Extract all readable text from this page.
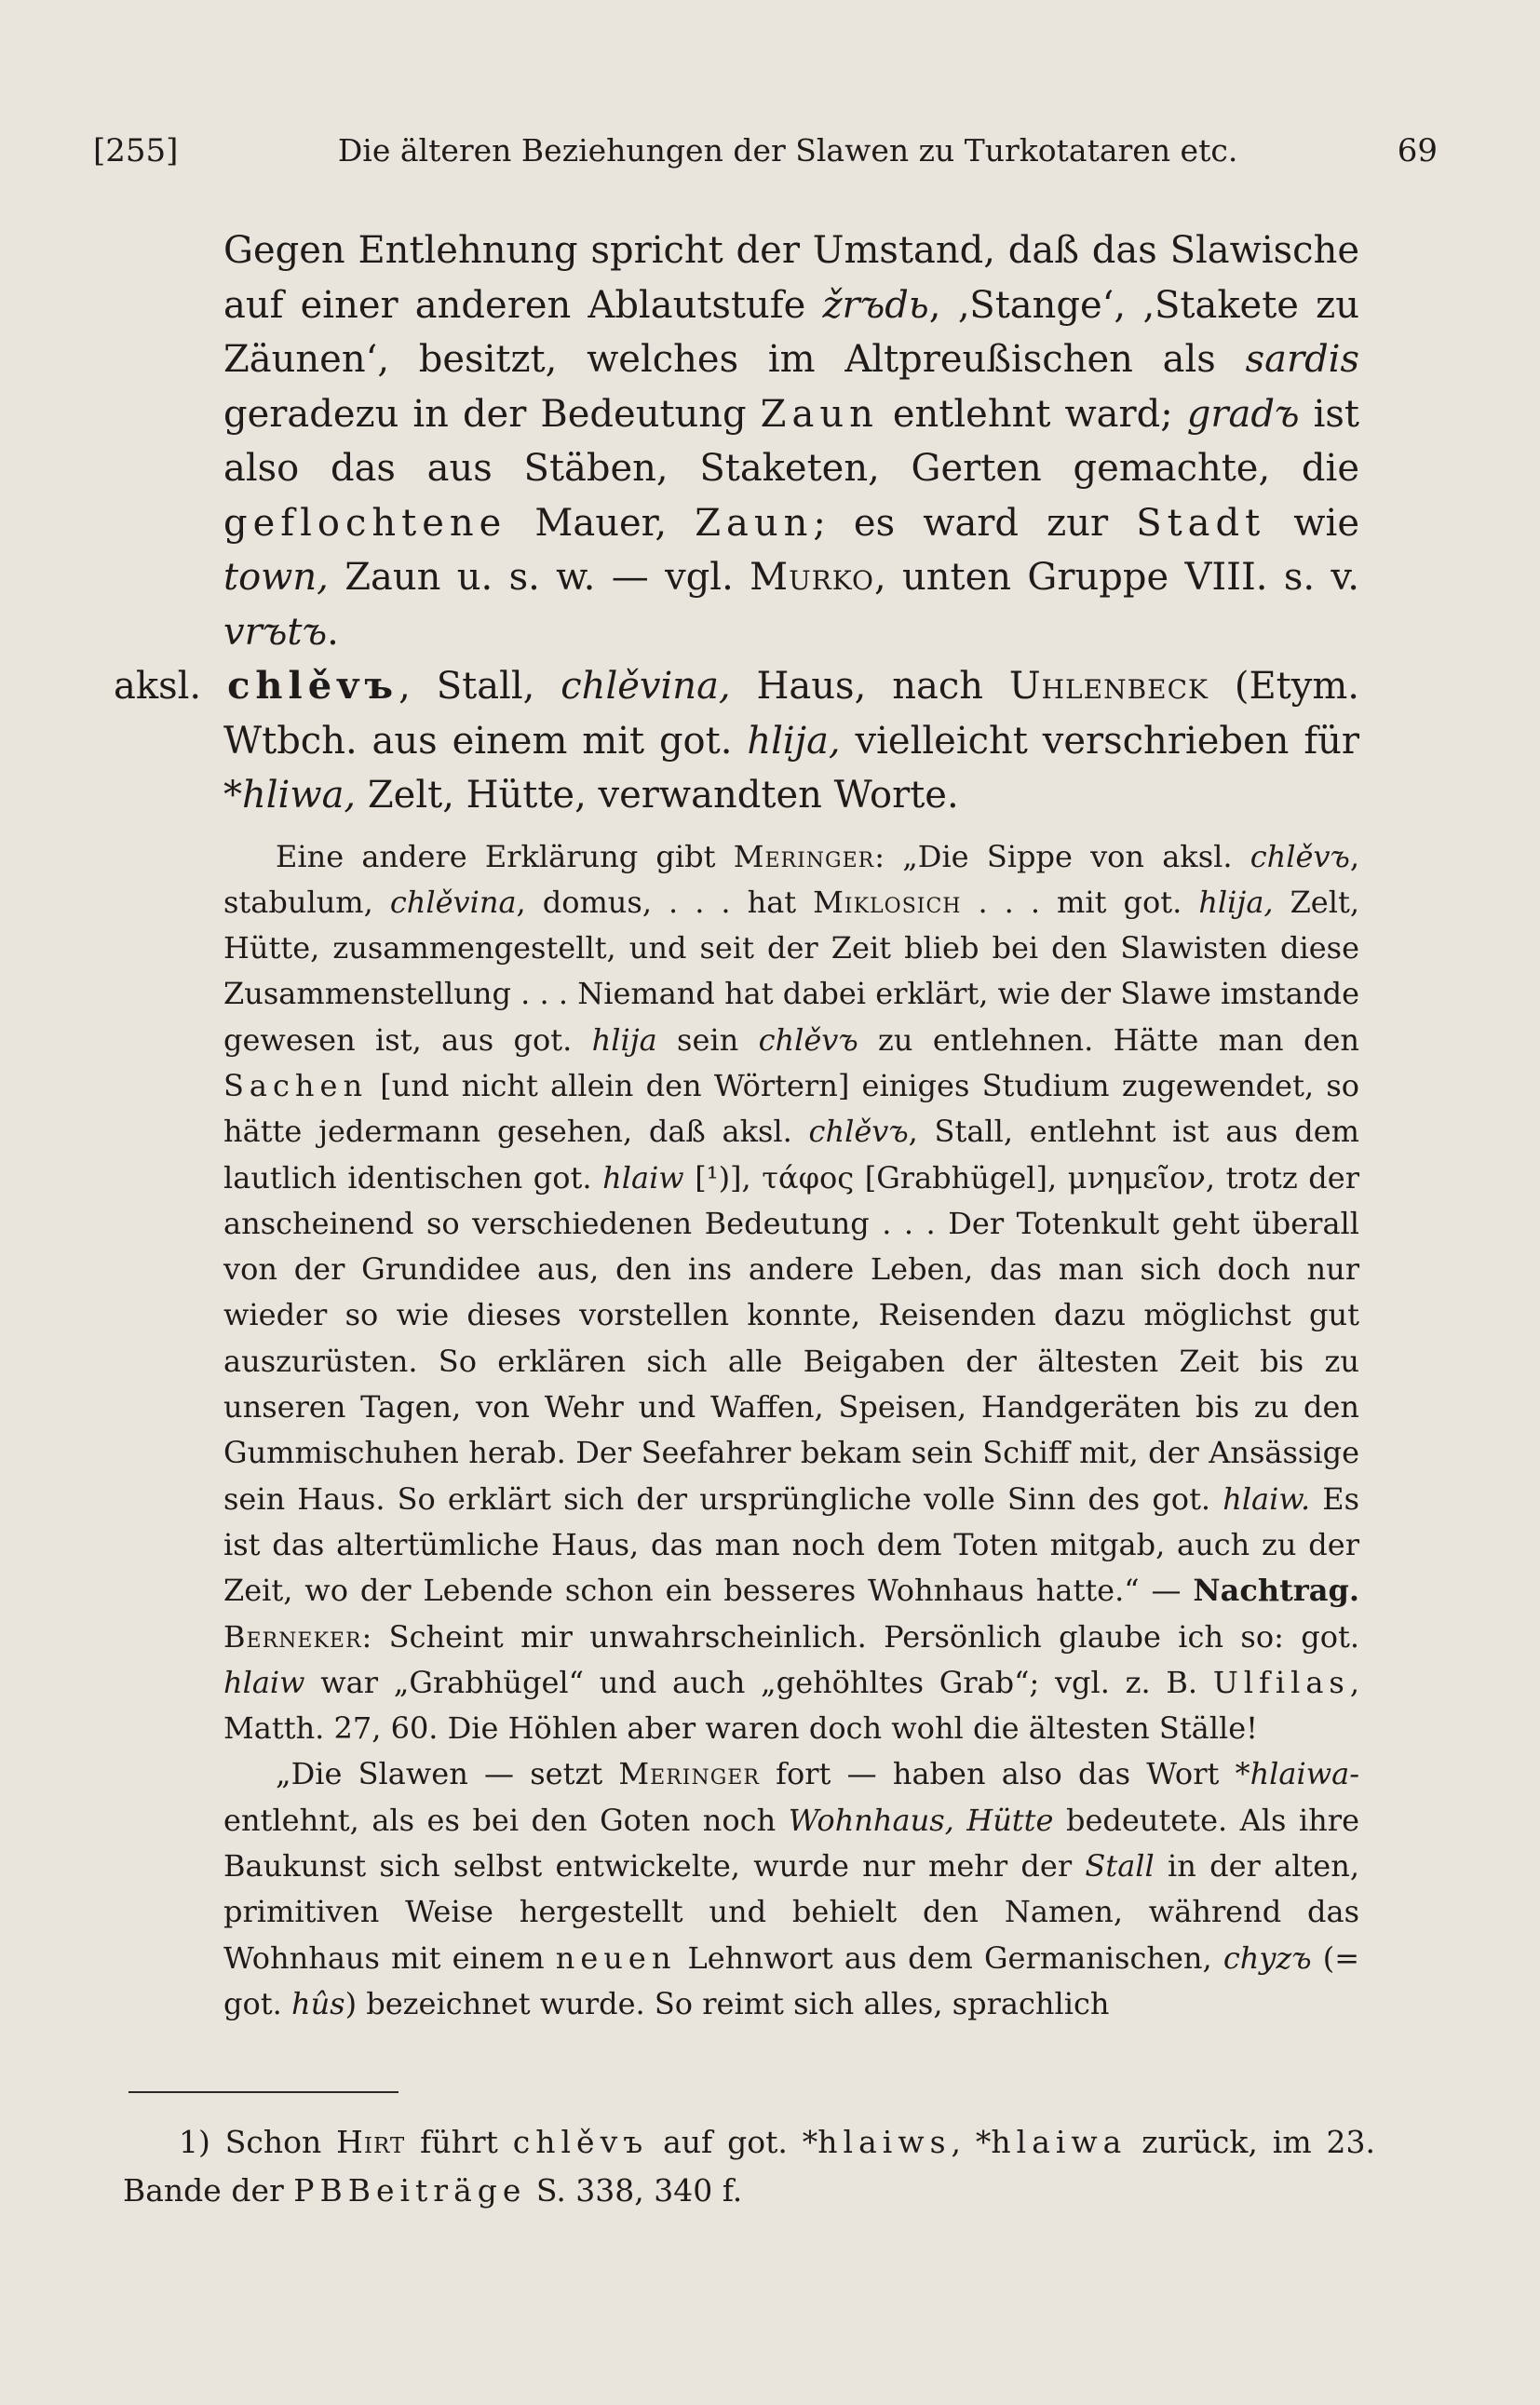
[255]	Die älteren Beziehungen der Slawen zu Turkotataren etc.	69

Gegen Entlehnung spricht der Umstand, daß das Slawische auf einer anderen Ablautstufe žrъdь, ‚Stange‘, ‚Stakete zu Zäunen‘, besitzt, welches im Altpreußischen als sardis geradezu in der Bedeutung Zaun entlehnt ward; gradъ ist also das aus Stäben, Staketen, Gerten gemachte, die geflochtene Mauer, Zaun; es ward zur Stadt wie town, Zaun u. s. w. — vgl. Murko, unten Gruppe VIII. s. v. vrъtъ.

aksl. chlěvъ, Stall, chlěvina, Haus, nach Uhlenbeck (Etym. Wtbch. aus einem mit got. hlija, vielleicht verschrieben für *hliwa, Zelt, Hütte, verwandten Worte.

Eine andere Erklärung gibt Meringer: „Die Sippe von aksl. chlěvъ, stabulum, chlěvina, domus, . . . hat Miklosich . . . mit got. hlija, Zelt, Hütte, zusammengestellt, und seit der Zeit blieb bei den Slawisten diese Zusammenstellung . . . Niemand hat dabei erklärt, wie der Slawe imstande gewesen ist, aus got. hlija sein chlěvъ zu entlehnen. Hätte man den Sachen [und nicht allein den Wörtern] einiges Studium zugewendet, so hätte jedermann gesehen, daß aksl. chlěvъ, Stall, entlehnt ist aus dem lautlich identischen got. hlaiw [¹)], τάφος [Grabhügel], μνημεῖον, trotz der anscheinend so verschiedenen Bedeutung . . . Der Totenkult geht überall von der Grundidee aus, den ins andere Leben, das man sich doch nur wieder so wie dieses vorstellen konnte, Reisenden dazu möglichst gut auszurüsten. So erklären sich alle Beigaben der ältesten Zeit bis zu unseren Tagen, von Wehr und Waffen, Speisen, Handgeräten bis zu den Gummischuhen herab. Der Seefahrer bekam sein Schiff mit, der Ansässige sein Haus. So erklärt sich der ursprüngliche volle Sinn des got. hlaiw. Es ist das altertümliche Haus, das man noch dem Toten mitgab, auch zu der Zeit, wo der Lebende schon ein besseres Wohnhaus hatte.“ — Nachtrag. Berneker: Scheint mir unwahrscheinlich. Persönlich glaube ich so: got. hlaiw war „Grabhügel“ und auch „gehöhltes Grab“; vgl. z. B. Ulfilas, Matth. 27, 60. Die Höhlen aber waren doch wohl die ältesten Ställe!

„Die Slawen — setzt Meringer fort — haben also das Wort *hlaiwa- entlehnt, als es bei den Goten noch Wohnhaus, Hütte bedeutete. Als ihre Baukunst sich selbst entwickelte, wurde nur mehr der Stall in der alten, primitiven Weise hergestellt und behielt den Namen, während das Wohnhaus mit einem neuen Lehnwort aus dem Germanischen, chyzъ (= got. hûs) bezeichnet wurde. So reimt sich alles, sprachlich

1) Schon Hirt führt chlěvъ auf got. *hlaiws, *hlaiwa zurück, im 23. Bande der PBBeiträge S. 338, 340 f.
